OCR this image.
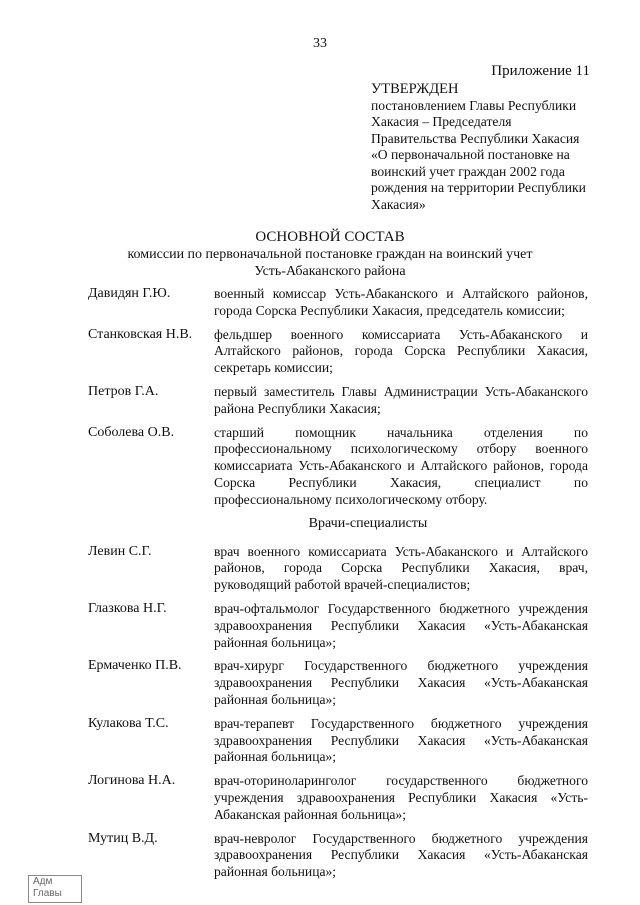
33
Приложение 11
УТВЕРЖДЕН
постановлением Главы Республики
Хакасия – Председателя
Правительства Республики Хакасия
«О первоначальной постановке на
воинский учет граждан 2002 года
рождения на территории Республики
Хакасия»
ОСНОВНОЙ СОСТАВ
комиссии по первоначальной постановке граждан на воинский учет
Усть-Абаканского района
Давидян Г.Ю.	военный комиссар Усть-Абаканского и Алтайского районов, города Сорска Республики Хакасия, председатель комиссии;
Станковская Н.В.	фельдшер военного комиссариата Усть-Абаканского и Алтайского районов, города Сорска Республики Хакасия, секретарь комиссии;
Петров Г.А.	первый заместитель Главы Администрации Усть-Абаканского района Республики Хакасия;
Соболева О.В.	старший помощник начальника отделения по профессиональному психологическому отбору военного комиссариата Усть-Абаканского и Алтайского районов, города Сорска Республики Хакасия, специалист по профессиональному психологическому отбору.
Врачи-специалисты
Левин С.Г.	врач военного комиссариата Усть-Абаканского и Алтайского районов, города Сорска Республики Хакасия, врач, руководящий работой врачей-специалистов;
Глазкова Н.Г.	врач-офтальмолог Государственного бюджетного учреждения здравоохранения Республики Хакасия «Усть-Абаканская районная больница»;
Ермаченко П.В.	врач-хирург Государственного бюджетного учреждения здравоохранения Республики Хакасия «Усть-Абаканская районная больница»;
Кулакова Т.С.	врач-терапевт Государственного бюджетного учреждения здравоохранения Республики Хакасия «Усть-Абаканская районная больница»;
Логинова Н.А.	врач-оториноларинголог государственного бюджетного учреждения здравоохранения Республики Хакасия «Усть-Абаканская районная больница»;
Мутиц В.Д.	врач-невролог Государственного бюджетного учреждения здравоохранения Республики Хакасия «Усть-Абаканская районная больница»;
Адм
Главы
